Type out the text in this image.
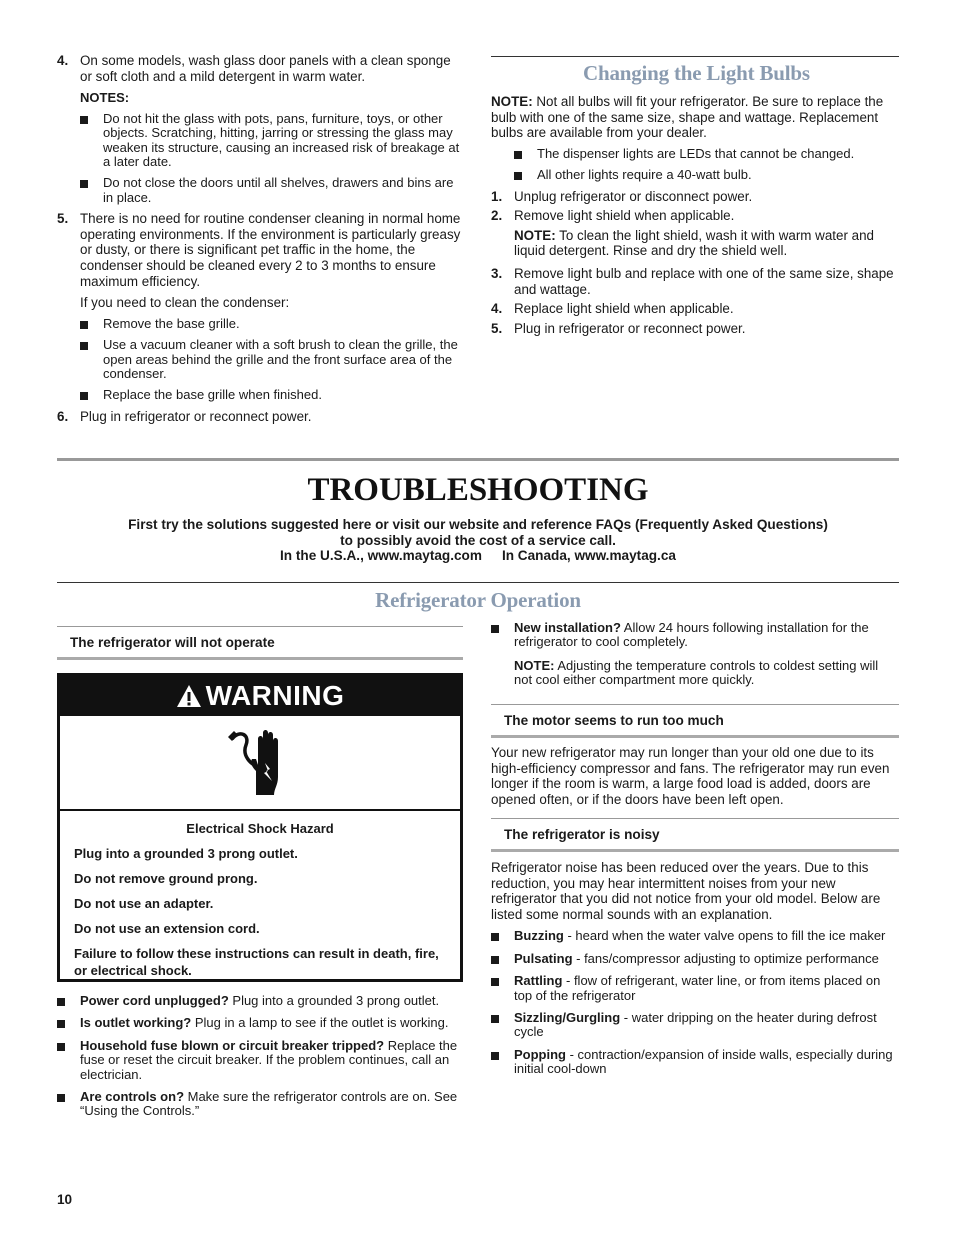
4. On some models, wash glass door panels with a clean sponge or soft cloth and a mild detergent in warm water.
NOTES:
Do not hit the glass with pots, pans, furniture, toys, or other objects. Scratching, hitting, jarring or stressing the glass may weaken its structure, causing an increased risk of breakage at a later date.
Do not close the doors until all shelves, drawers and bins are in place.
5. There is no need for routine condenser cleaning in normal home operating environments. If the environment is particularly greasy or dusty, or there is significant pet traffic in the home, the condenser should be cleaned every 2 to 3 months to ensure maximum efficiency.
If you need to clean the condenser:
Remove the base grille.
Use a vacuum cleaner with a soft brush to clean the grille, the open areas behind the grille and the front surface area of the condenser.
Replace the base grille when finished.
6. Plug in refrigerator or reconnect power.
Changing the Light Bulbs
NOTE: Not all bulbs will fit your refrigerator. Be sure to replace the bulb with one of the same size, shape and wattage. Replacement bulbs are available from your dealer.
The dispenser lights are LEDs that cannot be changed.
All other lights require a 40-watt bulb.
1. Unplug refrigerator or disconnect power.
2. Remove light shield when applicable.
NOTE: To clean the light shield, wash it with warm water and liquid detergent. Rinse and dry the shield well.
3. Remove light bulb and replace with one of the same size, shape and wattage.
4. Replace light shield when applicable.
5. Plug in refrigerator or reconnect power.
TROUBLESHOOTING
First try the solutions suggested here or visit our website and reference FAQs (Frequently Asked Questions)
to possibly avoid the cost of a service call.
In the U.S.A., www.maytag.com In Canada, www.maytag.ca
Refrigerator Operation
The refrigerator will not operate
WARNING

Electrical Shock Hazard

Plug into a grounded 3 prong outlet.

Do not remove ground prong.

Do not use an adapter.

Do not use an extension cord.

Failure to follow these instructions can result in death, fire, or electrical shock.

Power cord unplugged? Plug into a grounded 3 prong outlet.
Is outlet working? Plug in a lamp to see if the outlet is working.
Household fuse blown or circuit breaker tripped? Replace the fuse or reset the circuit breaker. If the problem continues, call an electrician.
Are controls on? Make sure the refrigerator controls are on. See “Using the Controls.”
New installation? Allow 24 hours following installation for the refrigerator to cool completely.
NOTE: Adjusting the temperature controls to coldest setting will not cool either compartment more quickly.
The motor seems to run too much
Your new refrigerator may run longer than your old one due to its high-efficiency compressor and fans. The refrigerator may run even longer if the room is warm, a large food load is added, doors are opened often, or if the doors have been left open.
The refrigerator is noisy
Refrigerator noise has been reduced over the years. Due to this reduction, you may hear intermittent noises from your new refrigerator that you did not notice from your old model. Below are listed some normal sounds with an explanation.
Buzzing - heard when the water valve opens to fill the ice maker
Pulsating - fans/compressor adjusting to optimize performance
Rattling - flow of refrigerant, water line, or from items placed on top of the refrigerator
Sizzling/Gurgling - water dripping on the heater during defrost cycle
Popping - contraction/expansion of inside walls, especially during initial cool-down
10
